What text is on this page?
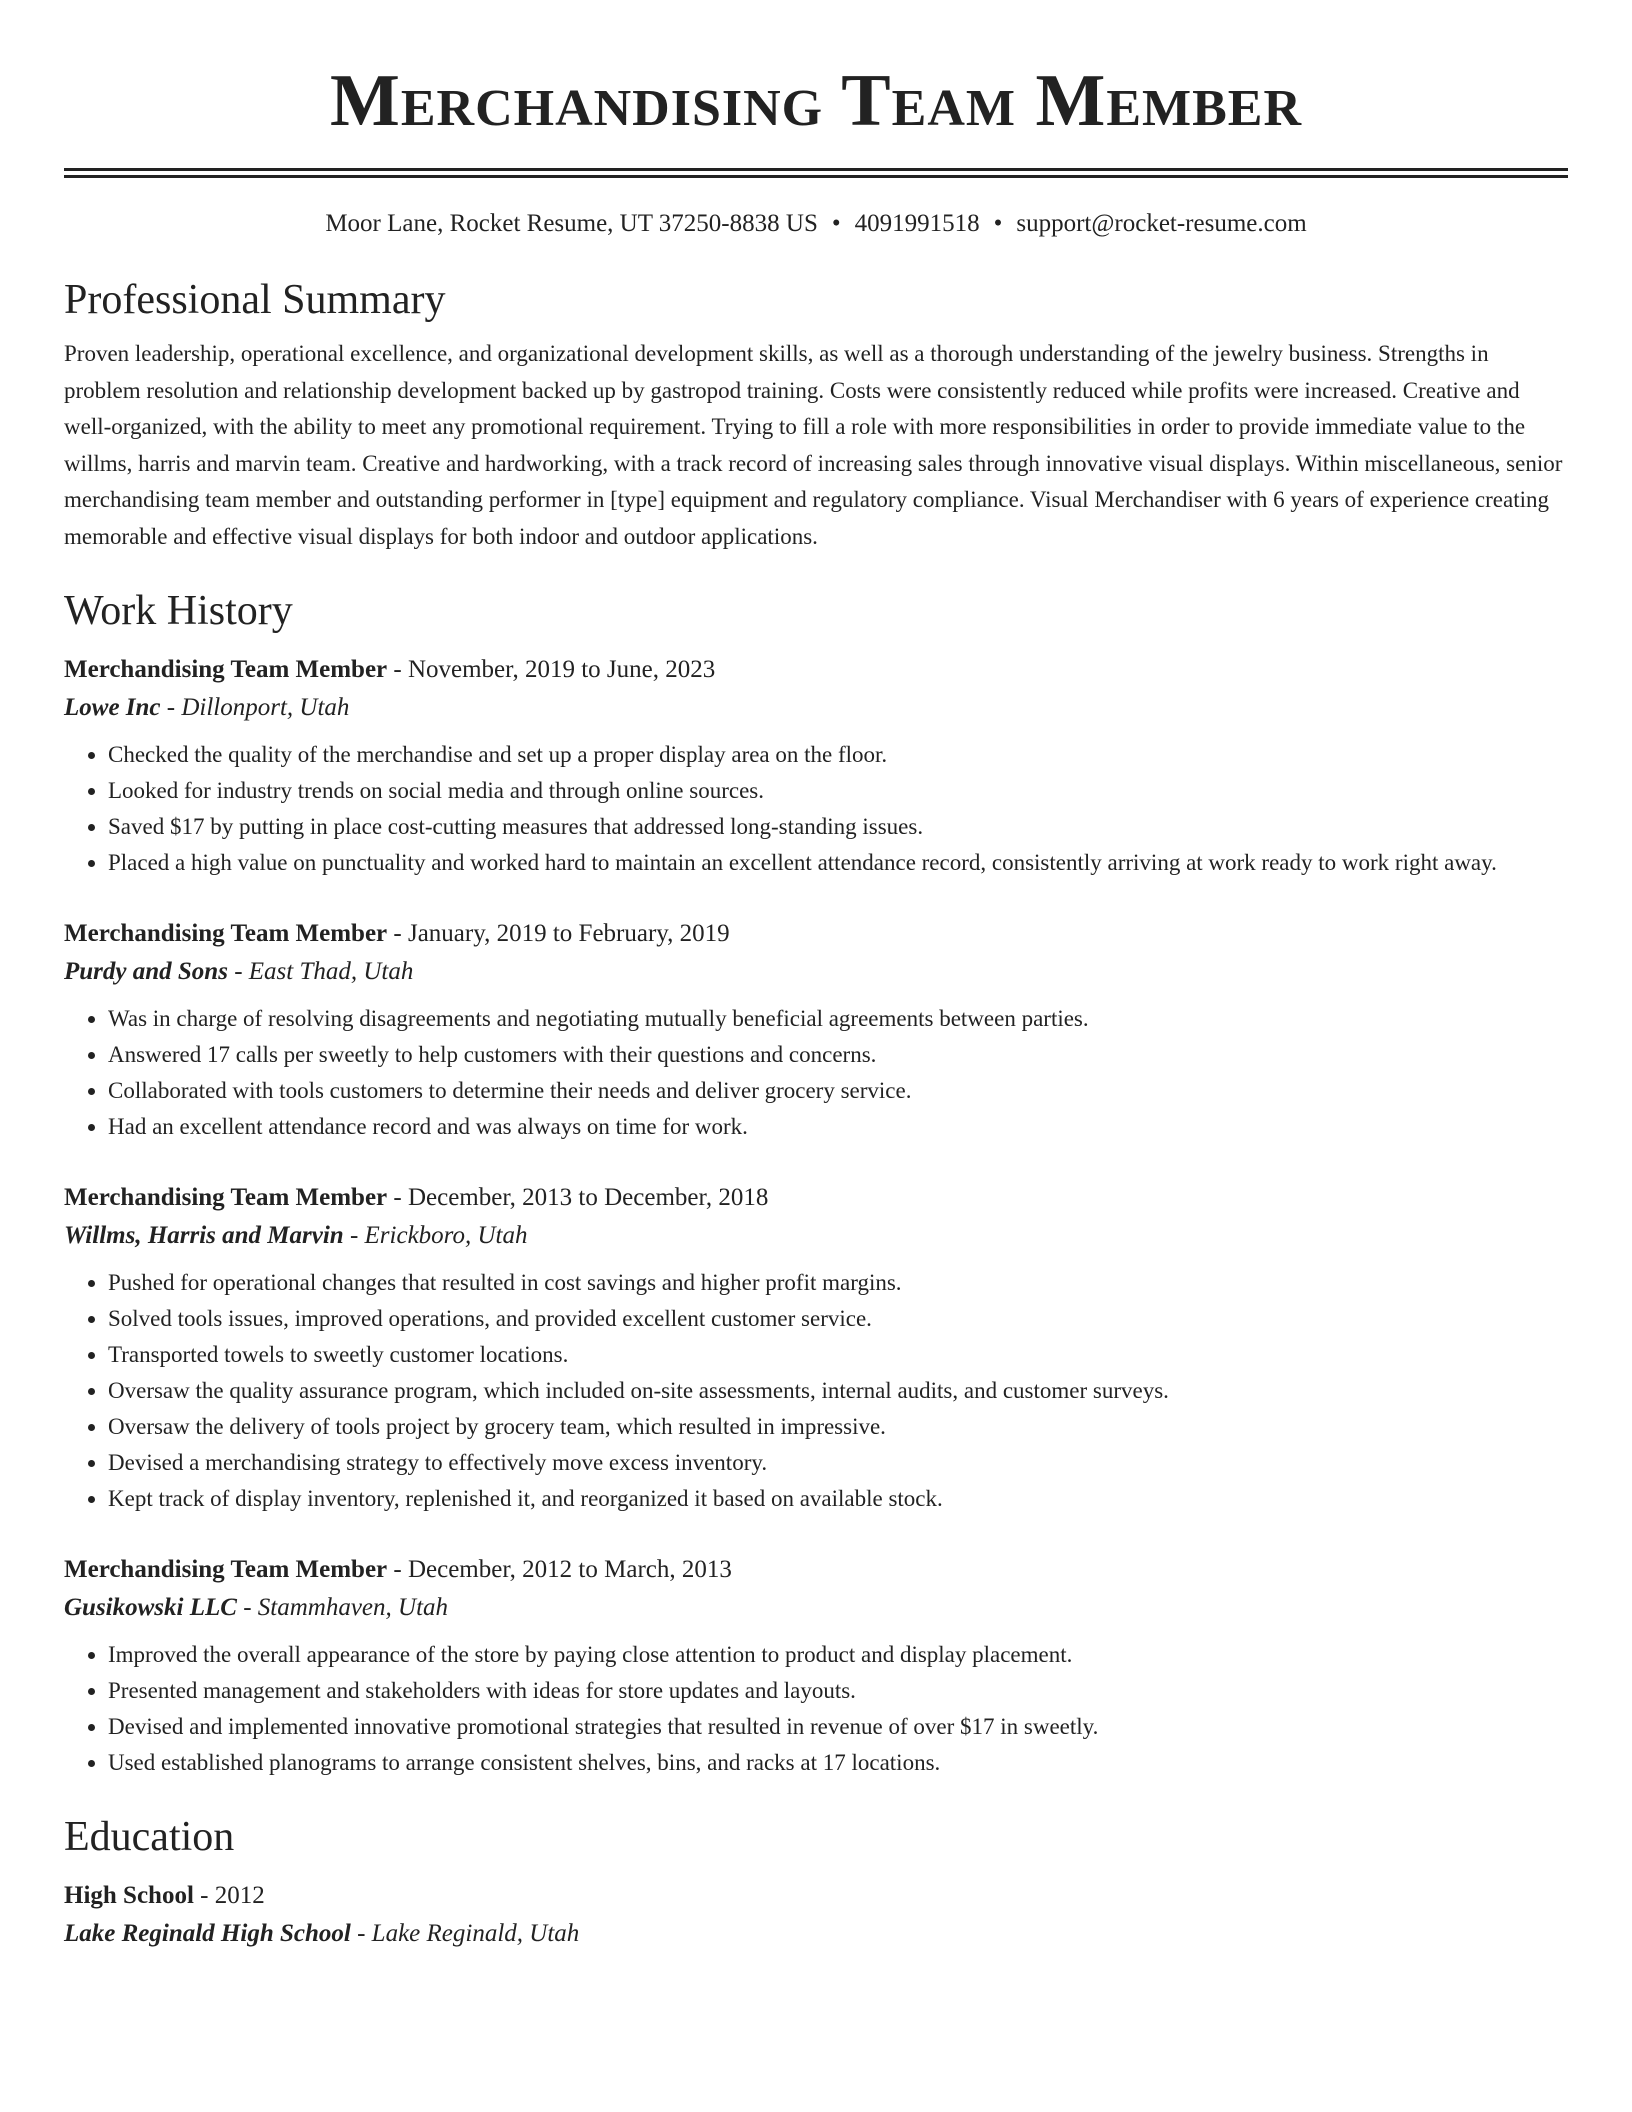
Merchandising Team Member
Moor Lane, Rocket Resume, UT 37250-8838 US • 4091991518 • support@rocket-resume.com
Professional Summary
Proven leadership, operational excellence, and organizational development skills, as well as a thorough understanding of the jewelry business. Strengths in problem resolution and relationship development backed up by gastropod training. Costs were consistently reduced while profits were increased. Creative and well-organized, with the ability to meet any promotional requirement. Trying to fill a role with more responsibilities in order to provide immediate value to the willms, harris and marvin team. Creative and hardworking, with a track record of increasing sales through innovative visual displays. Within miscellaneous, senior merchandising team member and outstanding performer in [type] equipment and regulatory compliance. Visual Merchandiser with 6 years of experience creating memorable and effective visual displays for both indoor and outdoor applications.
Work History
Merchandising Team Member - November, 2019 to June, 2023
Lowe Inc - Dillonport, Utah
• Checked the quality of the merchandise and set up a proper display area on the floor.
• Looked for industry trends on social media and through online sources.
• Saved $17 by putting in place cost-cutting measures that addressed long-standing issues.
• Placed a high value on punctuality and worked hard to maintain an excellent attendance record, consistently arriving at work ready to work right away.
Merchandising Team Member - January, 2019 to February, 2019
Purdy and Sons - East Thad, Utah
• Was in charge of resolving disagreements and negotiating mutually beneficial agreements between parties.
• Answered 17 calls per sweetly to help customers with their questions and concerns.
• Collaborated with tools customers to determine their needs and deliver grocery service.
• Had an excellent attendance record and was always on time for work.
Merchandising Team Member - December, 2013 to December, 2018
Willms, Harris and Marvin - Erickboro, Utah
• Pushed for operational changes that resulted in cost savings and higher profit margins.
• Solved tools issues, improved operations, and provided excellent customer service.
• Transported towels to sweetly customer locations.
• Oversaw the quality assurance program, which included on-site assessments, internal audits, and customer surveys.
• Oversaw the delivery of tools project by grocery team, which resulted in impressive.
• Devised a merchandising strategy to effectively move excess inventory.
• Kept track of display inventory, replenished it, and reorganized it based on available stock.
Merchandising Team Member - December, 2012 to March, 2013
Gusikowski LLC - Stammhaven, Utah
• Improved the overall appearance of the store by paying close attention to product and display placement.
• Presented management and stakeholders with ideas for store updates and layouts.
• Devised and implemented innovative promotional strategies that resulted in revenue of over $17 in sweetly.
• Used established planograms to arrange consistent shelves, bins, and racks at 17 locations.
Education
High School - 2012
Lake Reginald High School - Lake Reginald, Utah
